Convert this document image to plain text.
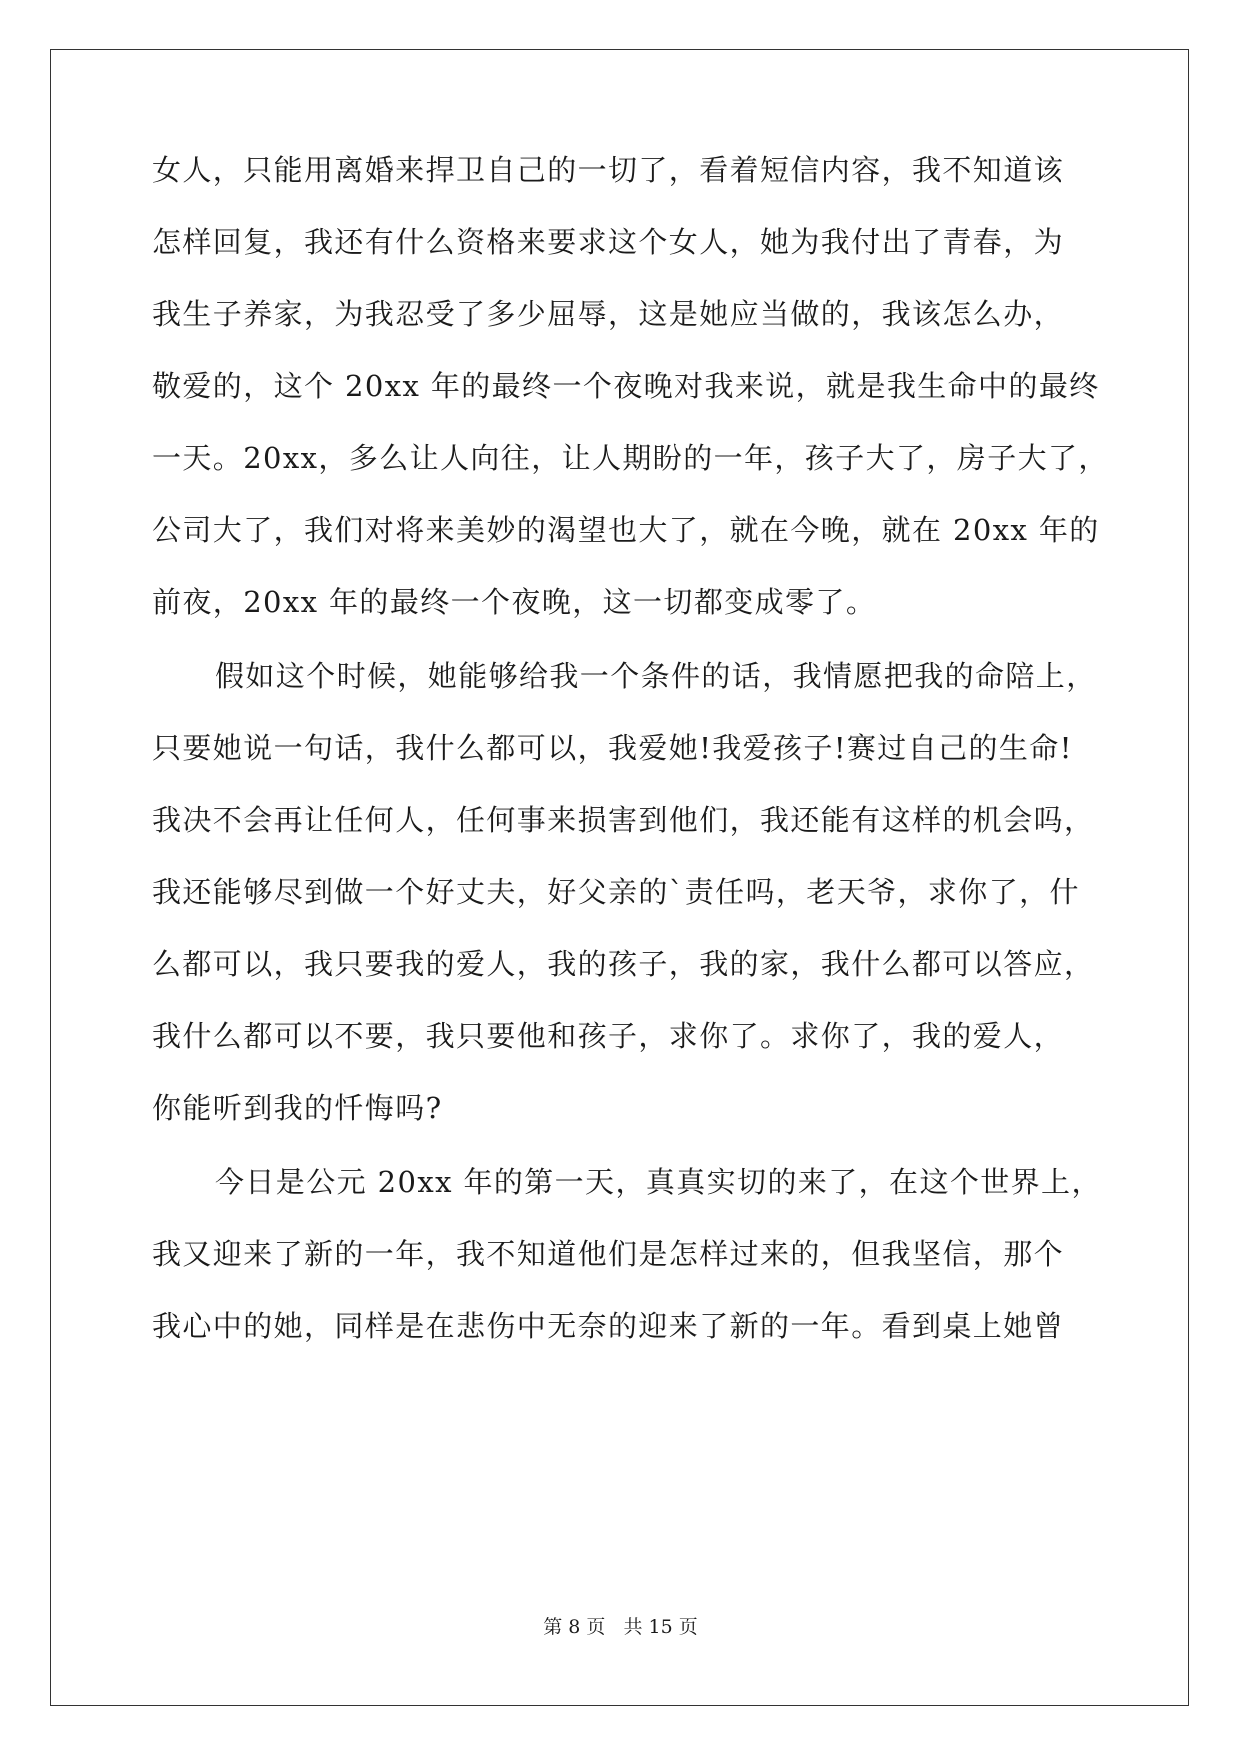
女人，只能用离婚来捍卫自己的一切了，看着短信内容，我不知道该
怎样回复，我还有什么资格来要求这个女人，她为我付出了青春，为
我生子养家，为我忍受了多少屈辱，这是她应当做的，我该怎么办，
敬爱的，这个 20xx 年的最终一个夜晚对我来说，就是我生命中的最终
一天。20xx，多么让人向往，让人期盼的一年，孩子大了，房子大了，
公司大了，我们对将来美妙的渴望也大了，就在今晚，就在 20xx 年的
前夜，20xx 年的最终一个夜晚，这一切都变成零了。
假如这个时候，她能够给我一个条件的话，我情愿把我的命陪上，
只要她说一句话，我什么都可以，我爱她!我爱孩子!赛过自己的生命!
我决不会再让任何人，任何事来损害到他们，我还能有这样的机会吗，
我还能够尽到做一个好丈夫，好父亲的`责任吗，老天爷，求你了，什
么都可以，我只要我的爱人，我的孩子，我的家，我什么都可以答应，
我什么都可以不要，我只要他和孩子，求你了。求你了，我的爱人，
你能听到我的忏悔吗?
今日是公元 20xx 年的第一天，真真实切的来了，在这个世界上，
我又迎来了新的一年，我不知道他们是怎样过来的，但我坚信，那个
我心中的她，同样是在悲伤中无奈的迎来了新的一年。看到桌上她曾
第 8 页 共 15 页
